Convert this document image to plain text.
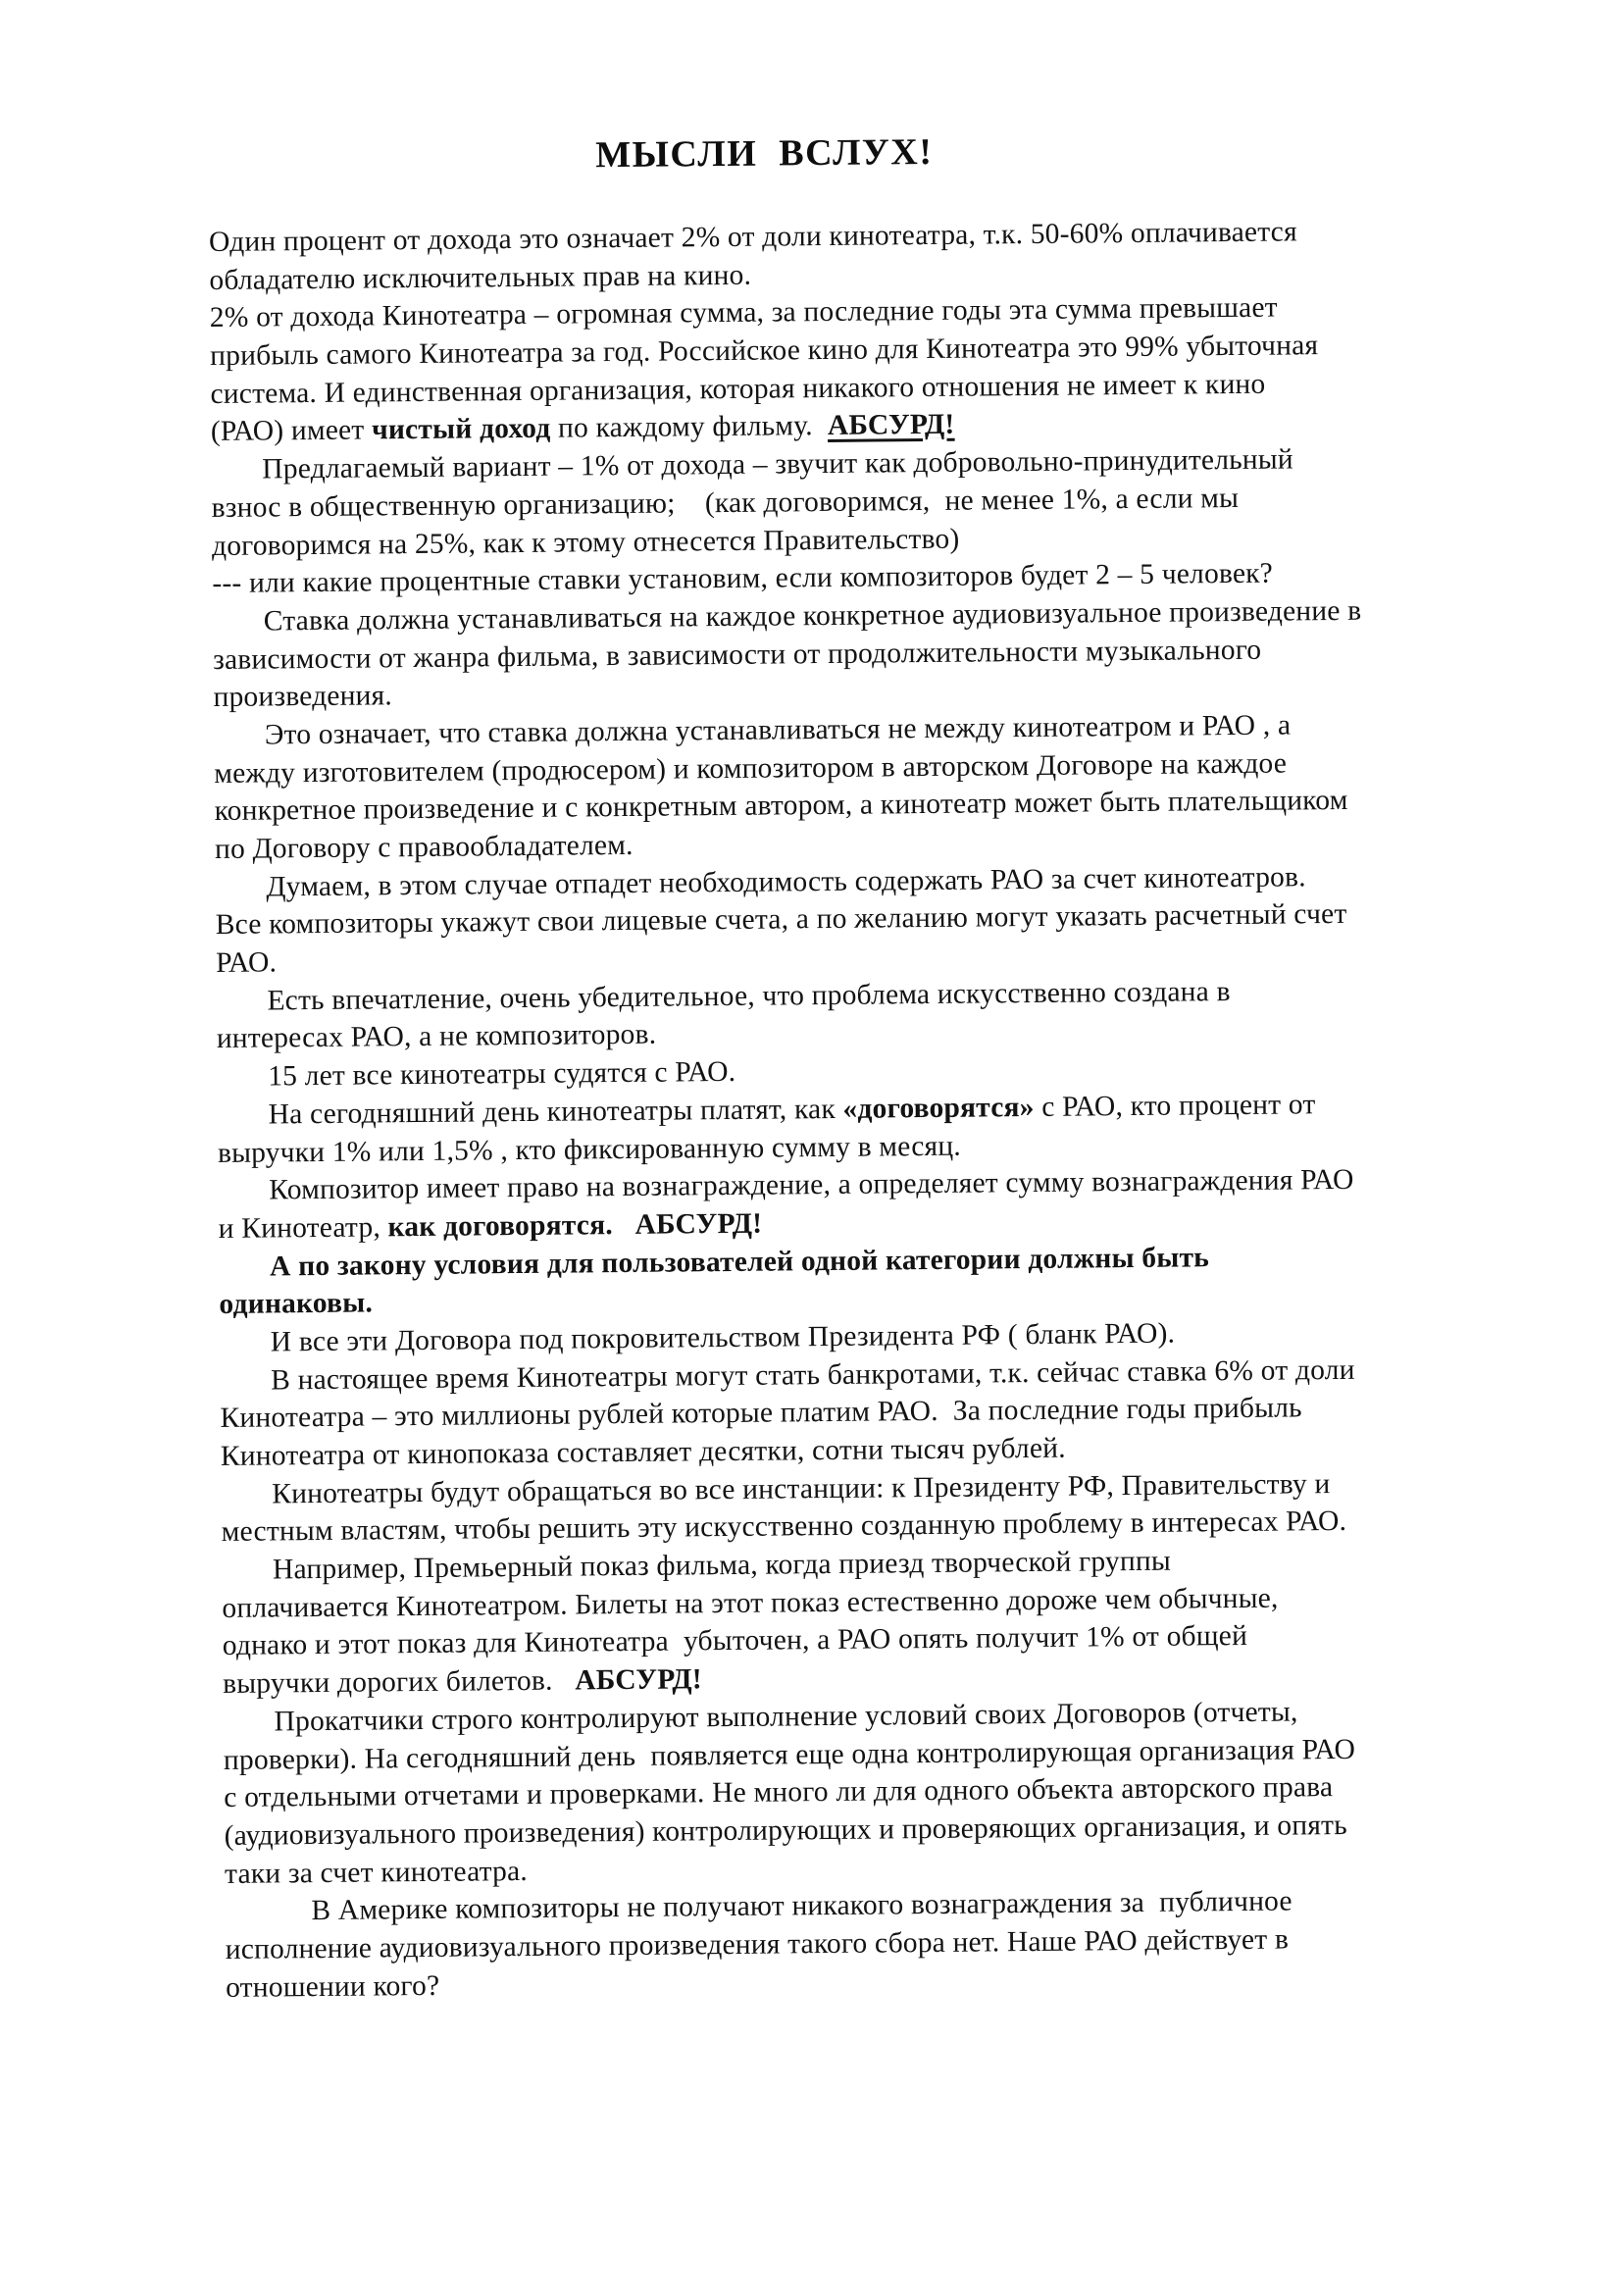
МЫСЛИ  ВСЛУХ!
Один процент от дохода это означает 2% от доли кинотеатра, т.к. 50-60% оплачивается
обладателю исключительных прав на кино.
2% от дохода Кинотеатра – огромная сумма, за последние годы эта сумма превышает
прибыль самого Кинотеатра за год. Российское кино для Кинотеатра это 99% убыточная
система. И единственная организация, которая никакого отношения не имеет к кино
(РАО) имеет чистый доход по каждому фильму.  АБСУРД!
Предлагаемый вариант – 1% от дохода – звучит как добровольно-принудительный
взнос в общественную организацию;    (как договоримся,  не менее 1%, а если мы
договоримся на 25%, как к этому отнесется Правительство)
--- или какие процентные ставки установим, если композиторов будет 2 – 5 человек?
Ставка должна устанавливаться на каждое конкретное аудиовизуальное произведение в
зависимости от жанра фильма, в зависимости от продолжительности музыкального
произведения.
Это означает, что ставка должна устанавливаться не между кинотеатром и РАО , а
между изготовителем (продюсером) и композитором в авторском Договоре на каждое
конкретное произведение и с конкретным автором, а кинотеатр может быть плательщиком
по Договору с правообладателем.
Думаем, в этом случае отпадет необходимость содержать РАО за счет кинотеатров.
Все композиторы укажут свои лицевые счета, а по желанию могут указать расчетный счет
РАО.
Есть впечатление, очень убедительное, что проблема искусственно создана в
интересах РАО, а не композиторов.
15 лет все кинотеатры судятся с РАО.
На сегодняшний день кинотеатры платят, как «договорятся» с РАО, кто процент от
выручки 1% или 1,5% , кто фиксированную сумму в месяц.
Композитор имеет право на вознаграждение, а определяет сумму вознаграждения РАО
и Кинотеатр, как договорятся.   АБСУРД!
А по закону условия для пользователей одной категории должны быть
одинаковы.
И все эти Договора под покровительством Президента РФ ( бланк РАО).
В настоящее время Кинотеатры могут стать банкротами, т.к. сейчас ставка 6% от доли
Кинотеатра – это миллионы рублей которые платим РАО.  За последние годы прибыль
Кинотеатра от кинопоказа составляет десятки, сотни тысяч рублей.
Кинотеатры будут обращаться во все инстанции: к Президенту РФ, Правительству и
местным властям, чтобы решить эту искусственно созданную проблему в интересах РАО.
Например, Премьерный показ фильма, когда приезд творческой группы
оплачивается Кинотеатром. Билеты на этот показ естественно дороже чем обычные,
однако и этот показ для Кинотеатра  убыточен, а РАО опять получит 1% от общей
выручки дорогих билетов.   АБСУРД!
Прокатчики строго контролируют выполнение условий своих Договоров (отчеты,
проверки). На сегодняшний день  появляется еще одна контролирующая организация РАО
с отдельными отчетами и проверками. Не много ли для одного объекта авторского права
(аудиовизуального произведения) контролирующих и проверяющих организация, и опять
таки за счет кинотеатра.
В Америке композиторы не получают никакого вознаграждения за  публичное
исполнение аудиовизуального произведения такого сбора нет. Наше РАО действует в
отношении кого?
